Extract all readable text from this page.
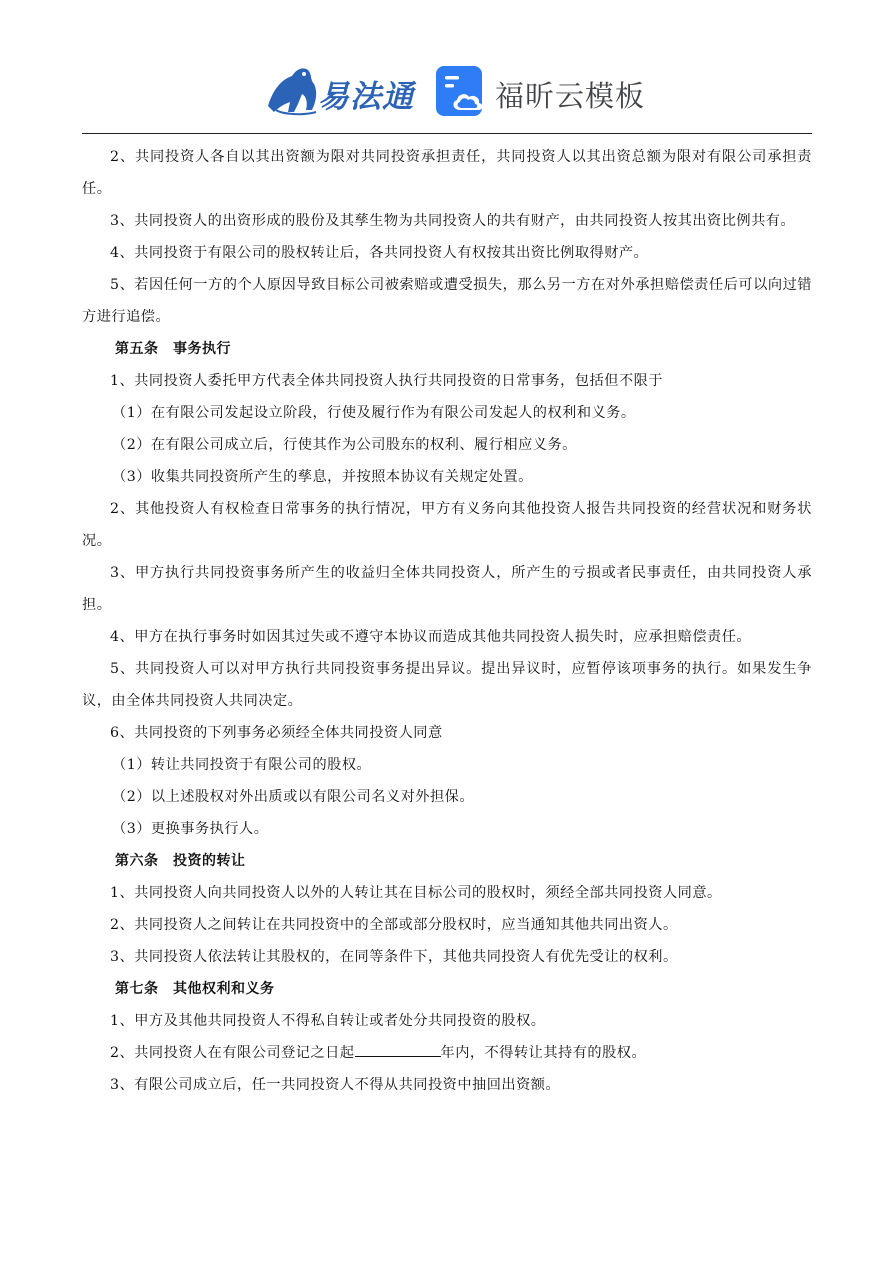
易法通	福昕云模板

2、共同投资人各自以其出资额为限对共同投资承担责任，共同投资人以其出资总额为限对有限公司承担责任。

3、共同投资人的出资形成的股份及其孳生物为共同投资人的共有财产，由共同投资人按其出资比例共有。

4、共同投资于有限公司的股权转让后，各共同投资人有权按其出资比例取得财产。

5、若因任何一方的个人原因导致目标公司被索赔或遭受损失，那么另一方在对外承担赔偿责任后可以向过错方进行追偿。

第五条　事务执行

1、共同投资人委托甲方代表全体共同投资人执行共同投资的日常事务，包括但不限于

（1）在有限公司发起设立阶段，行使及履行作为有限公司发起人的权利和义务。

（2）在有限公司成立后，行使其作为公司股东的权利、履行相应义务。

（3）收集共同投资所产生的孳息，并按照本协议有关规定处置。

2、其他投资人有权检查日常事务的执行情况，甲方有义务向其他投资人报告共同投资的经营状况和财务状况。

3、甲方执行共同投资事务所产生的收益归全体共同投资人，所产生的亏损或者民事责任，由共同投资人承担。

4、甲方在执行事务时如因其过失或不遵守本协议而造成其他共同投资人损失时，应承担赔偿责任。

5、共同投资人可以对甲方执行共同投资事务提出异议。提出异议时，应暂停该项事务的执行。如果发生争议，由全体共同投资人共同决定。

6、共同投资的下列事务必须经全体共同投资人同意

（1）转让共同投资于有限公司的股权。

（2）以上述股权对外出质或以有限公司名义对外担保。

（3）更换事务执行人。

第六条　投资的转让

1、共同投资人向共同投资人以外的人转让其在目标公司的股权时，须经全部共同投资人同意。

2、共同投资人之间转让在共同投资中的全部或部分股权时，应当通知其他共同出资人。

3、共同投资人依法转让其股权的，在同等条件下，其他共同投资人有优先受让的权利。

第七条　其他权利和义务

1、甲方及其他共同投资人不得私自转让或者处分共同投资的股权。

2、共同投资人在有限公司登记之日起	年内，不得转让其持有的股权。

3、有限公司成立后，任一共同投资人不得从共同投资中抽回出资额。
